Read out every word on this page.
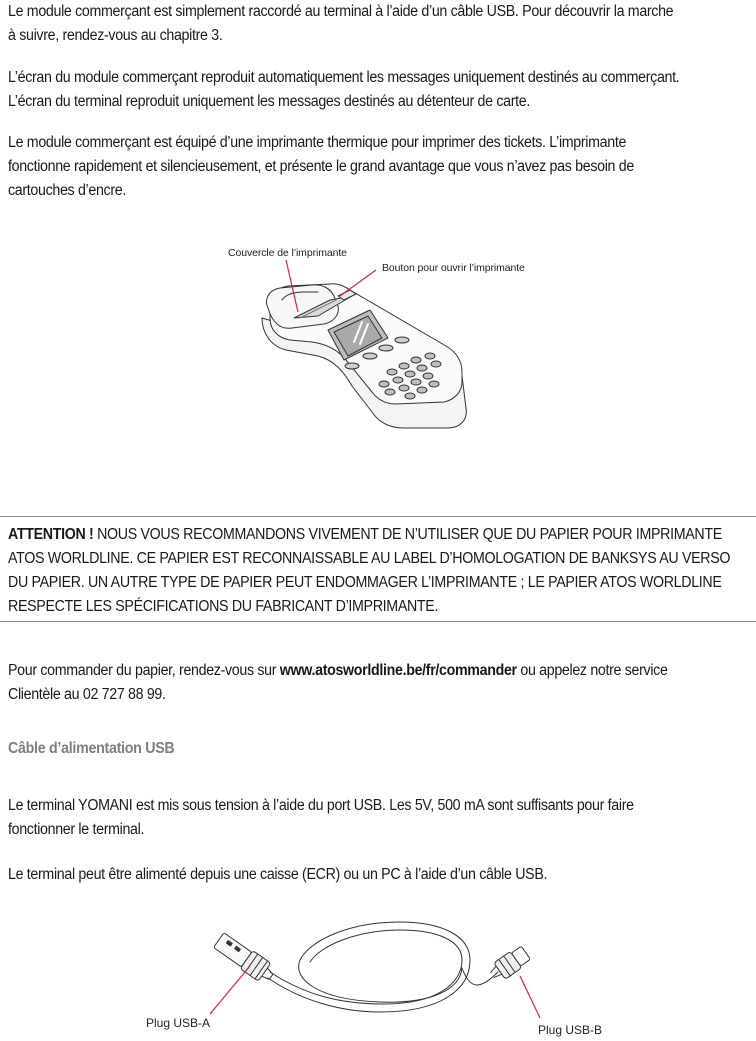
Le module commerçant est simplement raccordé au terminal à l’aide d’un câble USB. Pour découvrir la marche
à suivre, rendez-vous au chapitre 3.

L’écran du module commerçant reproduit automatiquement les messages uniquement destinés au commerçant.
L’écran du terminal reproduit uniquement les messages destinés au détenteur de carte.

Le module commerçant est équipé d’une imprimante thermique pour imprimer des tickets. L’imprimante
fonctionne rapidement et silencieusement, et présente le grand avantage que vous n’avez pas besoin de
cartouches d’encre.

Couvercle de l’imprimante
Bouton pour ouvrir l’imprimante
ATTENTION ! NOUS VOUS RECOMMANDONS VIVEMENT DE N’UTILISER QUE DU PAPIER POUR IMPRIMANTE
ATOS WORLDLINE. CE PAPIER EST RECONNAISSABLE AU LABEL D’HOMOLOGATION DE BANKSYS AU VERSO
DU PAPIER. UN AUTRE TYPE DE PAPIER PEUT ENDOMMAGER L’IMPRIMANTE ; LE PAPIER ATOS WORLDLINE
RESPECTE LES SPÉCIFICATIONS DU FABRICANT D’IMPRIMANTE.

Pour commander du papier, rendez-vous sur www.atosworldline.be/fr/commander ou appelez notre service
Clientèle au 02 727 88 99.

Câble d’alimentation USB

Le terminal YOMANI est mis sous tension à l’aide du port USB. Les 5V, 500 mA sont suffisants pour faire
fonctionner le terminal.

Le terminal peut être alimenté depuis une caisse (ECR) ou un PC à l’aide d’un câble USB.

Plug USB-A	Plug USB-B
